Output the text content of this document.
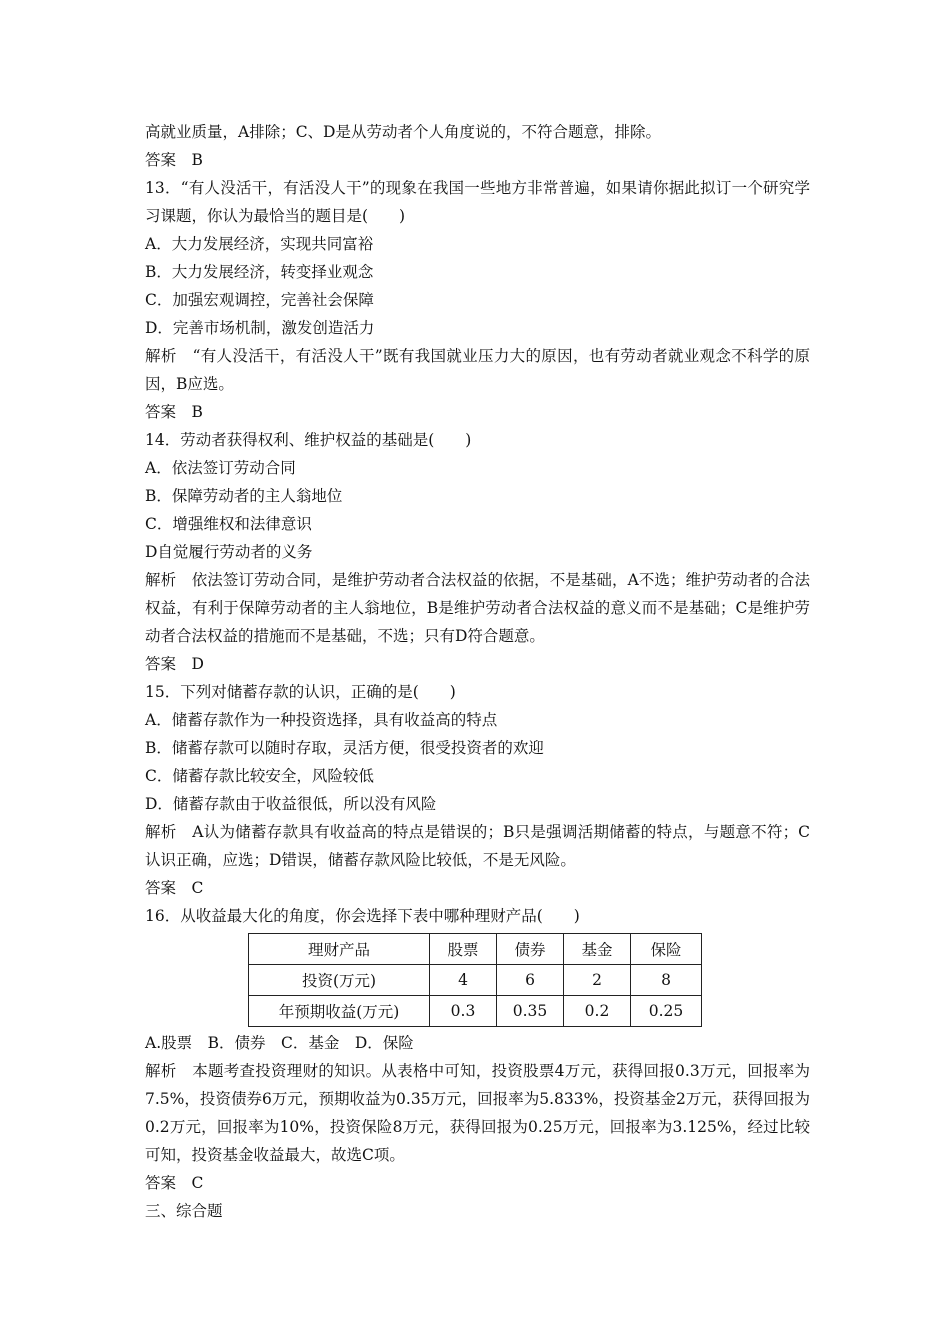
高就业质量，A排除；C、D是从劳动者个人角度说的，不符合题意，排除。
答案　B
13．“有人没活干，有活没人干”的现象在我国一些地方非常普遍，如果请你据此拟订一个研究学习课题，你认为最恰当的题目是(　　)
A．大力发展经济，实现共同富裕
B．大力发展经济，转变择业观念
C．加强宏观调控，完善社会保障
D．完善市场机制，激发创造活力
解析　“有人没活干，有活没人干”既有我国就业压力大的原因，也有劳动者就业观念不科学的原因，B应选。
答案　B
14．劳动者获得权利、维护权益的基础是(　　)
A．依法签订劳动合同
B．保障劳动者的主人翁地位
C．增强维权和法律意识
D自觉履行劳动者的义务
解析　依法签订劳动合同，是维护劳动者合法权益的依据，不是基础，A不选；维护劳动者的合法权益，有利于保障劳动者的主人翁地位，B是维护劳动者合法权益的意义而不是基础；C是维护劳动者合法权益的措施而不是基础，不选；只有D符合题意。
答案　D
15．下列对储蓄存款的认识，正确的是(　　)
A．储蓄存款作为一种投资选择，具有收益高的特点
B．储蓄存款可以随时存取，灵活方便，很受投资者的欢迎
C．储蓄存款比较安全，风险较低
D．储蓄存款由于收益很低，所以没有风险
解析　A认为储蓄存款具有收益高的特点是错误的；B只是强调活期储蓄的特点，与题意不符；C认识正确，应选；D错误，储蓄存款风险比较低，不是无风险。
答案　C
16．从收益最大化的角度，你会选择下表中哪种理财产品(　　)
理财产品	股票	债券	基金	保险
投资(万元)	4	6	2	8
年预期收益(万元)	0.3	0.35	0.2	0.25
A.股票　B．债券　C．基金　D．保险
解析　本题考查投资理财的知识。从表格中可知，投资股票4万元，获得回报0.3万元，回报率为7.5%，投资债券6万元，预期收益为0.35万元，回报率为5.833%，投资基金2万元，获得回报为0.2万元，回报率为10%，投资保险8万元，获得回报为0.25万元，回报率为3.125%，经过比较可知，投资基金收益最大，故选C项。
答案　C
三、综合题
